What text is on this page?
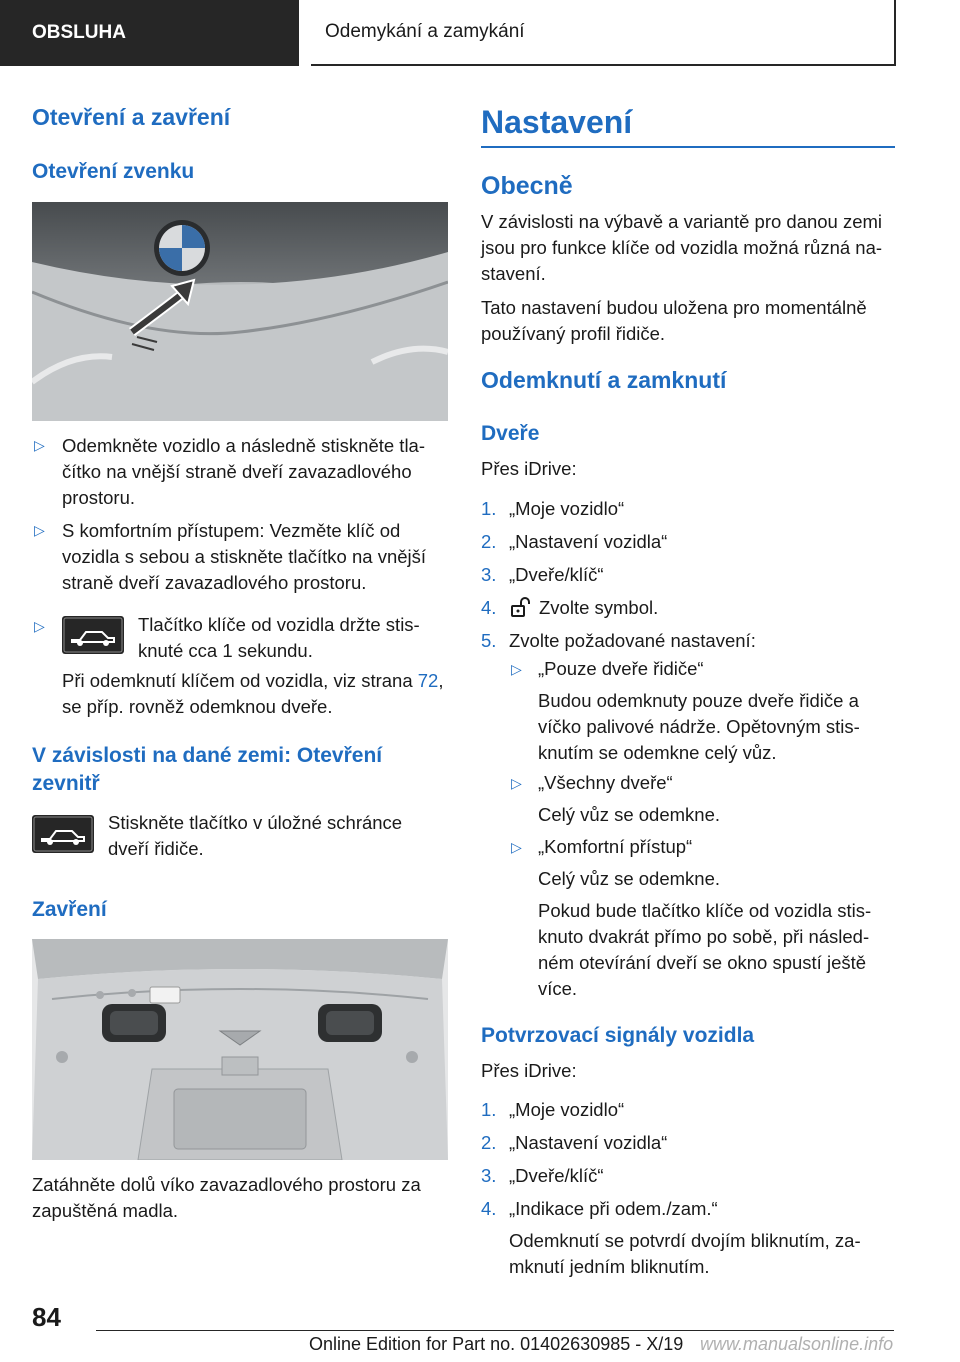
OBSLUHA	Odemykání a zamykání
Otevření a zavření
Otevření zvenku
▷ Odemkněte vozidlo a následně stiskněte tla‐
čítko na vnější straně dveří zavazadlového
prostoru.
▷ S komfortním přístupem: Vezměte klíč od
vozidla s sebou a stiskněte tlačítko na vnější
straně dveří zavazadlového prostoru.
▷	Tlačítko klíče od vozidla držte stis‐
knuté cca 1 sekundu.
Při odemknutí klíčem od vozidla, viz strana 72,
se příp. rovněž odemknou dveře.
V závislosti na dané zemi: Otevření
zevnitř
Stiskněte tlačítko v úložné schránce
dveří řidiče.
Zavření
Zatáhněte dolů víko zavazadlového prostoru za
zapuštěná madla.
Nastavení
Obecně
V závislosti na výbavě a variantě pro danou zemi
jsou pro funkce klíče od vozidla možná různá na‐
stavení.
Tato nastavení budou uložena pro momentálně
používaný profil řidiče.
Odemknutí a zamknutí
Dveře
Přes iDrive:
1. „Moje vozidlo“
2. „Nastavení vozidla“
3. „Dveře/klíč“
4. Zvolte symbol.
5. Zvolte požadované nastavení:
▷ „Pouze dveře řidiče“
Budou odemknuty pouze dveře řidiče a
víčko palivové nádrže. Opětovným stis‐
knutím se odemkne celý vůz.
▷ „Všechny dveře“
Celý vůz se odemkne.
▷ „Komfortní přístup“
Celý vůz se odemkne.
Pokud bude tlačítko klíče od vozidla stis‐
knuto dvakrát přímo po sobě, při násled‐
ném otevírání dveří se okno spustí ještě
více.
Potvrzovací signály vozidla
Přes iDrive:
1. „Moje vozidlo“
2. „Nastavení vozidla“
3. „Dveře/klíč“
4. „Indikace při odem./zam.“
Odemknutí se potvrdí dvojím bliknutím, za‐
mknutí jedním bliknutím.
84
Online Edition for Part no. 01402630985 - X/19 www.manualsonline.info
